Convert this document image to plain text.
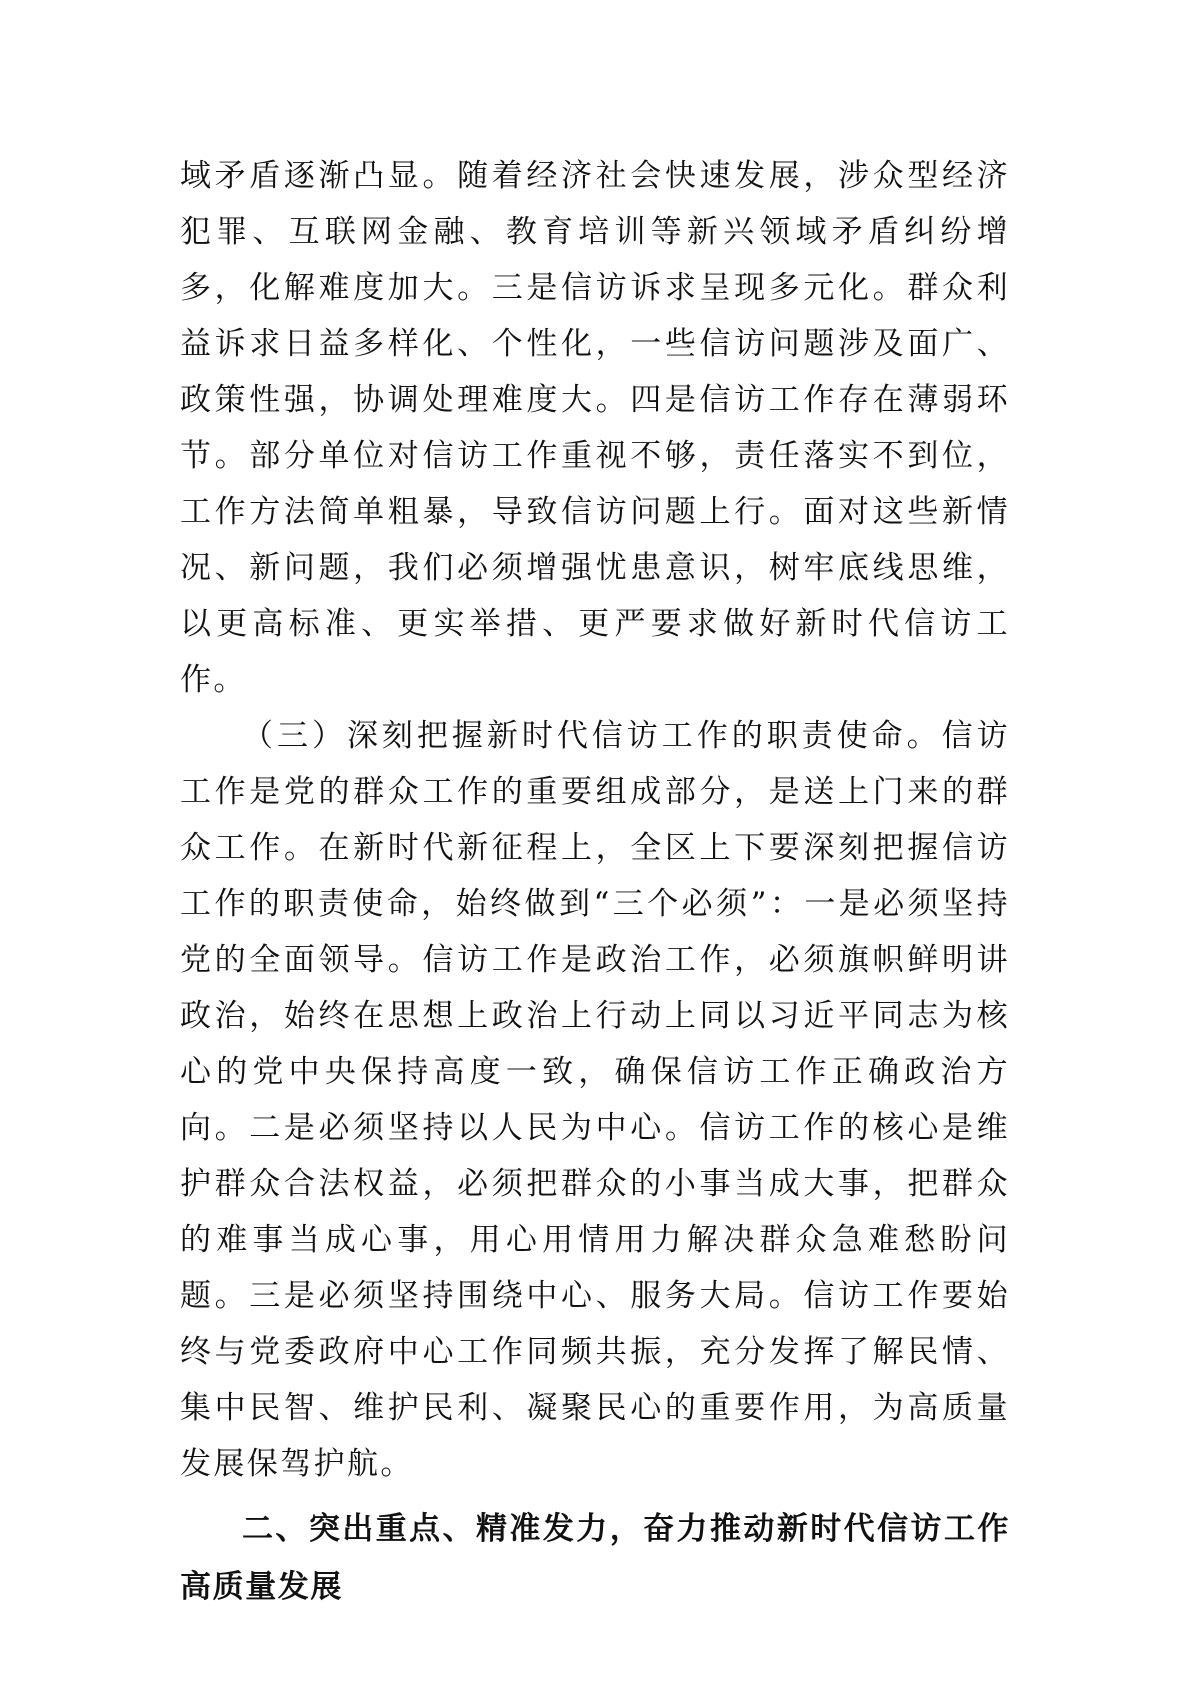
域矛盾逐渐凸显。随着经济社会快速发展，涉众型经济犯罪、互联网金融、教育培训等新兴领域矛盾纠纷增多，化解难度加大。三是信访诉求呈现多元化。群众利益诉求日益多样化、个性化，一些信访问题涉及面广、政策性强，协调处理难度大。四是信访工作存在薄弱环节。部分单位对信访工作重视不够，责任落实不到位，工作方法简单粗暴，导致信访问题上行。面对这些新情况、新问题，我们必须增强忧患意识，树牢底线思维，以更高标准、更实举措、更严要求做好新时代信访工作。

（三）深刻把握新时代信访工作的职责使命。信访工作是党的群众工作的重要组成部分，是送上门来的群众工作。在新时代新征程上，全区上下要深刻把握信访工作的职责使命，始终做到“三个必须”：一是必须坚持党的全面领导。信访工作是政治工作，必须旗帜鲜明讲政治，始终在思想上政治上行动上同以习近平同志为核心的党中央保持高度一致，确保信访工作正确政治方向。二是必须坚持以人民为中心。信访工作的核心是维护群众合法权益，必须把群众的小事当成大事，把群众的难事当成心事，用心用情用力解决群众急难愁盼问题。三是必须坚持围绕中心、服务大局。信访工作要始终与党委政府中心工作同频共振，充分发挥了解民情、集中民智、维护民利、凝聚民心的重要作用，为高质量发展保驾护航。

二、突出重点、精准发力，奋力推动新时代信访工作高质量发展
